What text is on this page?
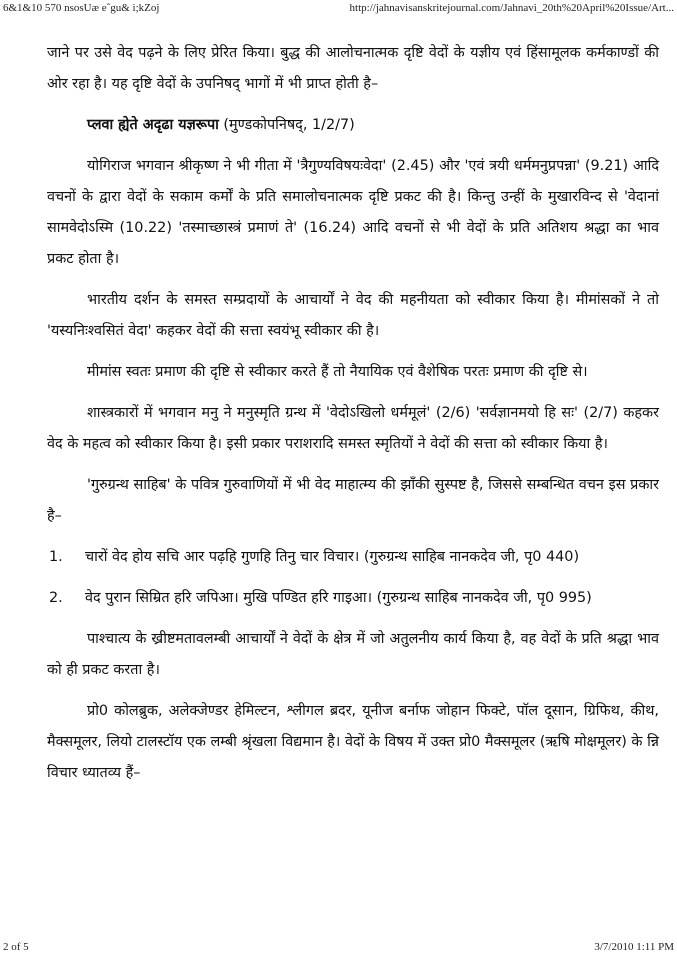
6&1&10 570 nsosUæ eˆgu& i;kZoj	http://jahnavisanskritejournal.com/Jahnavi_20th%20April%20Issue/Art...

जाने पर उसे वेद पढ़ने के लिए प्रेरित किया। बुद्ध की आलोचनात्मक दृष्टि वेदों के यज्ञीय एवं हिंसामूलक कर्मकाण्डों की ओर रहा है। यह दृष्टि वेदों के उपनिषद् भागों में भी प्राप्त होती है–

प्लवा ह्येते अदृढा यज्ञरूपा (मुण्डकोपनिषद्, 1/2/7)

योगिराज भगवान श्रीकृष्ण ने भी गीता में 'त्रैगुण्यविषयःवेदा' (2.45) और 'एवं त्रयी धर्ममनुप्रपन्ना' (9.21) आदि वचनों के द्वारा वेदों के सकाम कर्मों के प्रति समालोचनात्मक दृष्टि प्रकट की है। किन्तु उन्हीं के मुखारविन्द से 'वेदानां सामवेदोऽस्मि (10.22) 'तस्माच्छास्त्रं प्रमाणं ते' (16.24) आदि वचनों से भी वेदों के प्रति अतिशय श्रद्धा का भाव प्रकट होता है।

भारतीय दर्शन के समस्त सम्प्रदायों के आचार्यों ने वेद की महनीयता को स्वीकार किया है। मीमांसकों ने तो 'यस्यनिःश्वसितं वेदा' कहकर वेदों की सत्ता स्वयंभू स्वीकार की है।

मीमांस स्वतः प्रमाण की दृष्टि से स्वीकार करते हैं तो नैयायिक एवं वैशेषिक परतः प्रमाण की दृष्टि से।

शास्त्रकारों में भगवान मनु ने मनुस्मृति ग्रन्थ में 'वेदोऽखिलो धर्ममूलं' (2/6) 'सर्वज्ञानमयो हि सः' (2/7) कहकर वेद के महत्व को स्वीकार किया है। इसी प्रकार पराशरादि समस्त स्मृतियों ने वेदों की सत्ता को स्वीकार किया है।

'गुरुग्रन्थ साहिब' के पवित्र गुरुवाणियों में भी वेद माहात्म्य की झाँकी सुस्पष्ट है, जिससे सम्बन्धित वचन इस प्रकार है–

1. चारों वेद होय सचि आर पढ़हि गुणहि तिनु चार विचार। (गुरुग्रन्थ साहिब नानकदेव जी, पृ0 440)
2. वेद पुरान सिम्रित हरि जपिआ। मुखि पण्डित हरि गाइआ। (गुरुग्रन्थ साहिब नानकदेव जी, पृ0 995)

पाश्चात्य के ख्रीष्टमतावलम्बी आचार्यों ने वेदों के क्षेत्र में जो अतुलनीय कार्य किया है, वह वेदों के प्रति श्रद्धा भाव को ही प्रकट करता है।

प्रो0 कोलब्रुक, अलेक्जेण्डर हेमिल्टन, श्लीगल ब्रदर, यूनीज बर्नाफ जोहान फिक्टे, पॉल दूसान, ग्रिफिथ, कीथ, मैक्समूलर, लियो टालस्टॉय एक लम्बी श्रृंखला विद्यमान है। वेदों के विषय में उक्त प्रो0 मैक्समूलर (ऋषि मोक्षमूलर) के न्नि विचार ध्यातव्य हैं–

2 of 5	3/7/2010 1:11 PM
